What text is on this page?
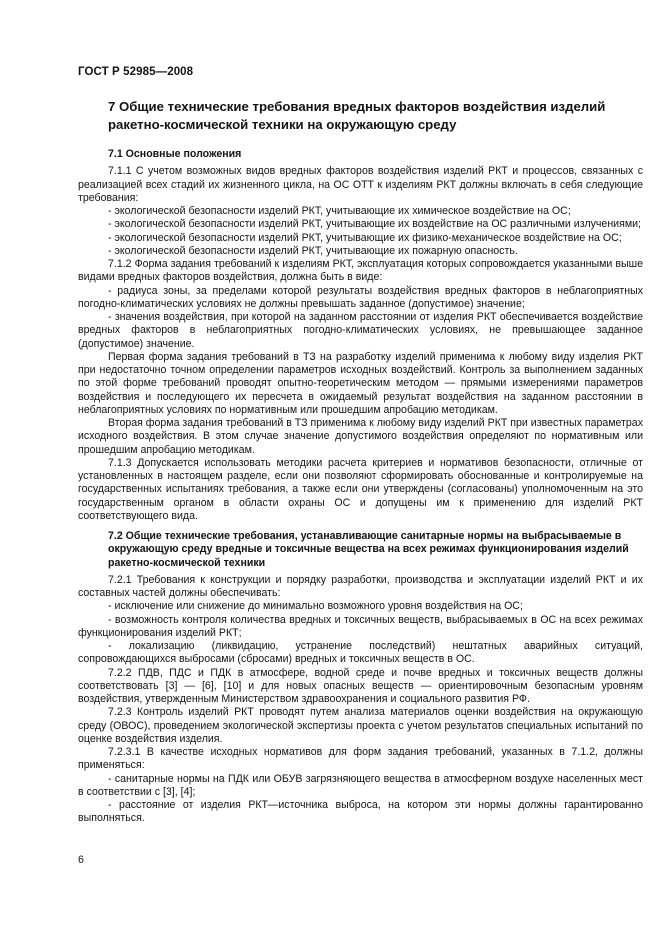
ГОСТ Р 52985—2008
7 Общие технические требования вредных факторов воздействия изделий ракетно-космической техники на окружающую среду
7.1 Основные положения

7.1.1 С учетом возможных видов вредных факторов воздействия изделий РКТ и процессов, связанных с реализацией всех стадий их жизненного цикла, на ОС ОТТ к изделиям РКТ должны включать в себя следующие требования:

- экологической безопасности изделий РКТ, учитывающие их химическое воздействие на ОС;

- экологической безопасности изделий РКТ, учитывающие их воздействие на ОС различными излучениями;

- экологической безопасности изделий РКТ, учитывающие их физико-механическое воздействие на ОС;

- экологической безопасности изделий РКТ, учитывающие их пожарную опасность.

7.1.2 Форма задания требований к изделиям РКТ, эксплуатация которых сопровождается указанными выше видами вредных факторов воздействия, должна быть в виде:

- радиуса зоны, за пределами которой результаты воздействия вредных факторов в неблагоприятных погодно-климатических условиях не должны превышать заданное (допустимое) значение;

- значения воздействия, при которой на заданном расстоянии от изделия РКТ обеспечивается воздействие вредных факторов в неблагоприятных погодно-климатических условиях, не превышающее заданное (допустимое) значение.

Первая форма задания требований в ТЗ на разработку изделий применима к любому виду изделия РКТ при недостаточно точном определении параметров исходных воздействий. Контроль за выполнением заданных по этой форме требований проводят опытно-теоретическим методом — прямыми измерениями параметров воздействия и последующего их пересчета в ожидаемый результат воздействия на заданном расстоянии в неблагоприятных условиях по нормативным или прошедшим апробацию методикам.

Вторая форма задания требований в ТЗ применима к любому виду изделий РКТ при известных параметрах исходного воздействия. В этом случае значение допустимого воздействия определяют по нормативным или прошедшим апробацию методикам.

7.1.3 Допускается использовать методики расчета критериев и нормативов безопасности, отличные от установленных в настоящем разделе, если они позволяют сформировать обоснованные и контролируемые на государственных испытаниях требования, а также если они утверждены (согласованы) уполномоченным на это государственным органом в области охраны ОС и допущены им к применению для изделий РКТ соответствующего вида.

7.2 Общие технические требования, устанавливающие санитарные нормы на выбрасываемые в окружающую среду вредные и токсичные вещества на всех режимах функционирования изделий ракетно-космической техники

7.2.1 Требования к конструкции и порядку разработки, производства и эксплуатации изделий РКТ и их составных частей должны обеспечивать:

- исключение или снижение до минимально возможного уровня воздействия на ОС;

- возможность контроля количества вредных и токсичных веществ, выбрасываемых в ОС на всех режимах функционирования изделий РКТ;

- локализацию (ликвидацию, устранение последствий) нештатных аварийных ситуаций, сопровождающихся выбросами (сбросами) вредных и токсичных веществ в ОС.

7.2.2 ПДВ, ПДС и ПДК в атмосфере, водной среде и почве вредных и токсичных веществ должны соответствовать [3] — [6], [10] и для новых опасных веществ — ориентировочным безопасным уровням воздействия, утвержденным Министерством здравоохранения и социального развития РФ.

7.2.3 Контроль изделий РКТ проводят путем анализа материалов оценки воздействия на окружающую среду (ОВОС), проведением экологической экспертизы проекта с учетом результатов специальных испытаний по оценке воздействия изделия.

7.2.3.1 В качестве исходных нормативов для форм задания требований, указанных в 7.1.2, должны применяться:

- санитарные нормы на ПДК или ОБУВ загрязняющего вещества в атмосферном воздухе населенных мест в соответствии с [3], [4];

- расстояние от изделия РКТ—источника выброса, на котором эти нормы должны гарантированно выполняться.

6
